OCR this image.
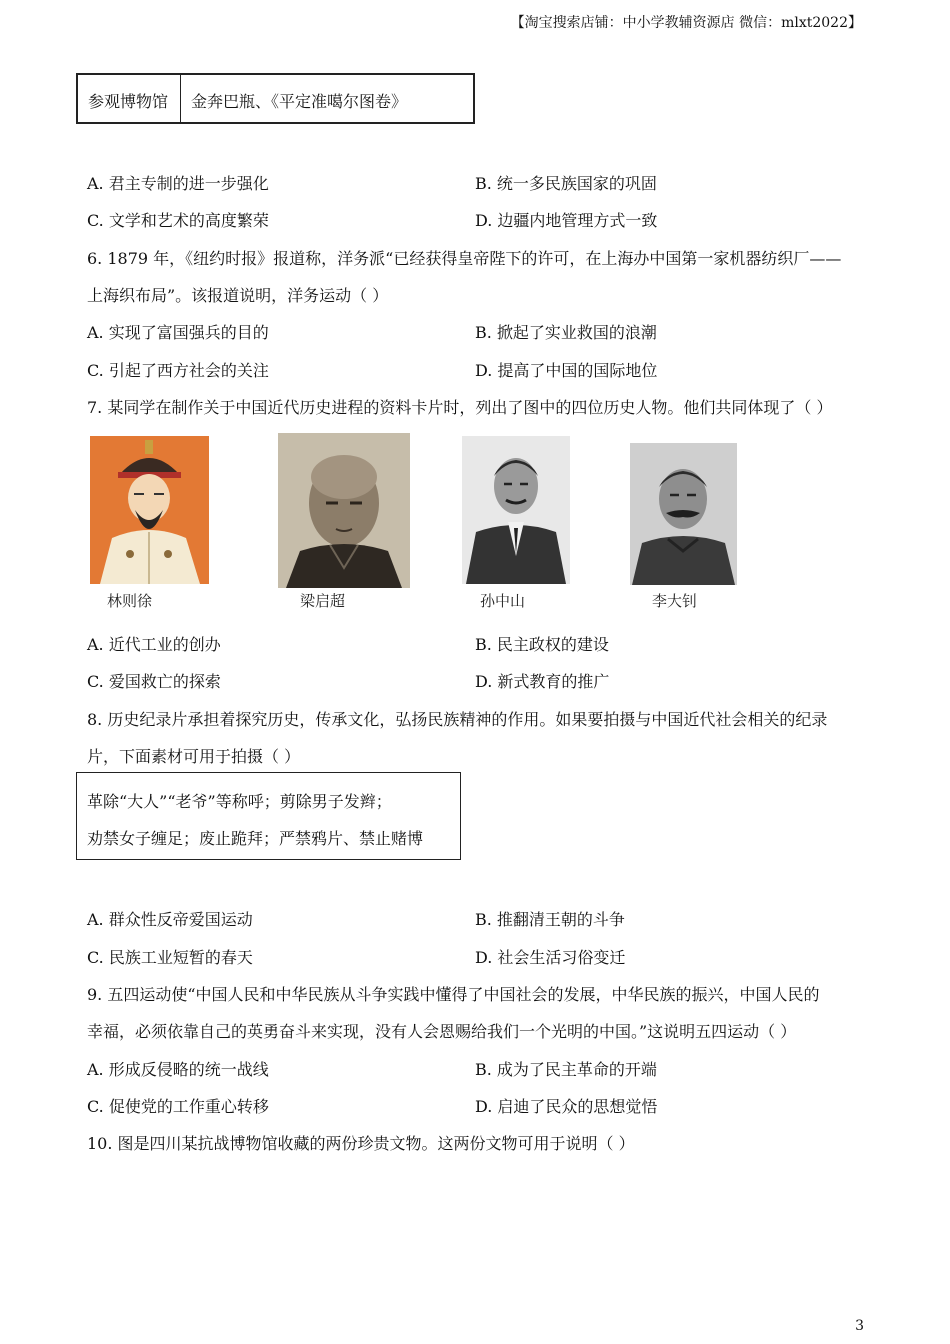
【淘宝搜索店铺：中小学教辅资源店 微信：mlxt2022】
参观博物馆 金奔巴瓶、《平定准噶尔图卷》
A. 君主专制的进一步强化	B. 统一多民族国家的巩固
C. 文学和艺术的高度繁荣	D. 边疆内地管理方式一致
6. 1879 年，《纽约时报》报道称，洋务派“已经获得皇帝陛下的许可，在上海办中国第一家机器纺织厂——
上海织布局”。该报道说明，洋务运动（ ）
A. 实现了富国强兵的目的	B. 掀起了实业救国的浪潮
C. 引起了西方社会的关注	D. 提高了中国的国际地位
7. 某同学在制作关于中国近代历史进程的资料卡片时，列出了图中的四位历史人物。他们共同体现了（ ）
林则徐	梁启超	孙中山	李大钊
A. 近代工业的创办	B. 民主政权的建设
C. 爱国救亡的探索	D. 新式教育的推广
8. 历史纪录片承担着探究历史，传承文化，弘扬民族精神的作用。如果要拍摄与中国近代社会相关的纪录
片，下面素材可用于拍摄（ ）
革除“大人”“老爷”等称呼；剪除男子发辫；
劝禁女子缠足；废止跪拜；严禁鸦片、禁止赌博
A. 群众性反帝爱国运动	B. 推翻清王朝的斗争
C. 民族工业短暂的春天	D. 社会生活习俗变迁
9. 五四运动使“中国人民和中华民族从斗争实践中懂得了中国社会的发展，中华民族的振兴，中国人民的
幸福，必须依靠自己的英勇奋斗来实现，没有人会恩赐给我们一个光明的中国。”这说明五四运动（ ）
A. 形成反侵略的统一战线	B. 成为了民主革命的开端
C. 促使党的工作重心转移	D. 启迪了民众的思想觉悟
10. 图是四川某抗战博物馆收藏的两份珍贵文物。这两份文物可用于说明（ ）
3
